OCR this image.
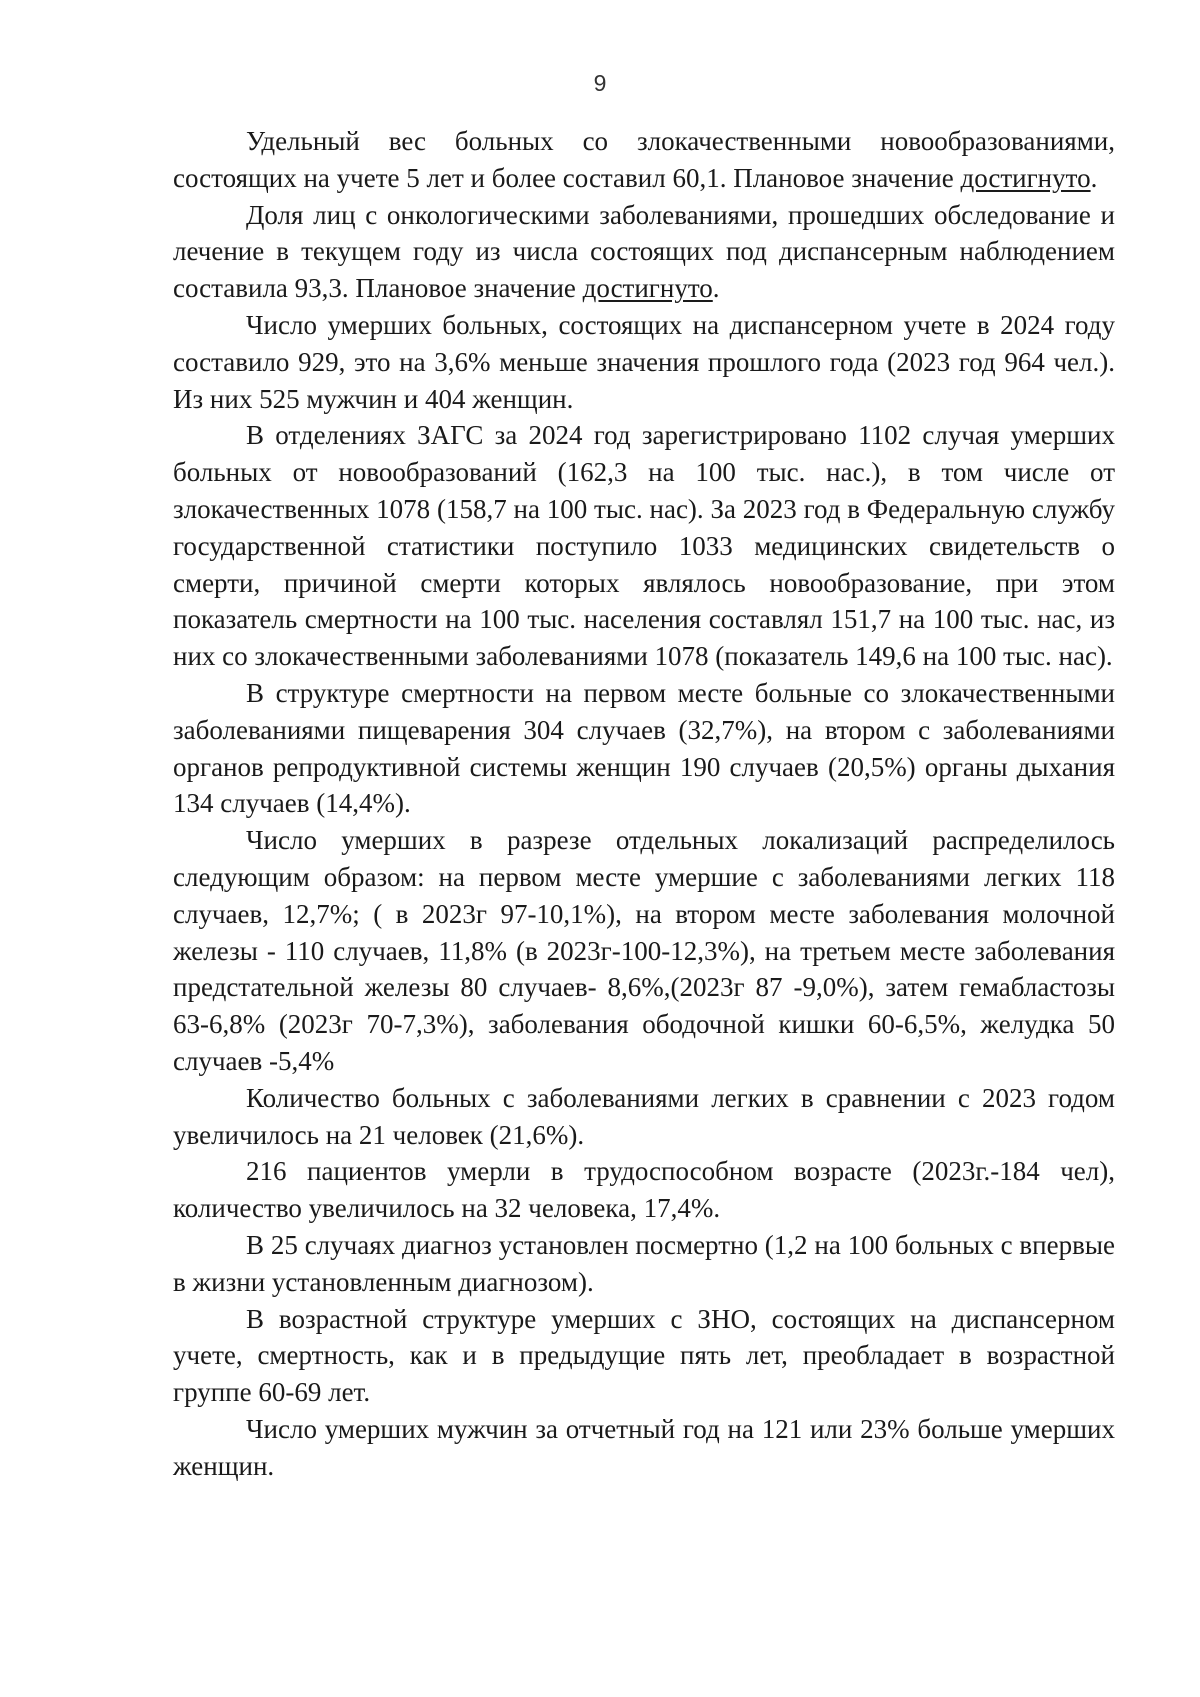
9

Удельный вес больных со злокачественными новообразованиями, состоящих на учете 5 лет и более составил 60,1. Плановое значение достигнуто.

Доля лиц с онкологическими заболеваниями, прошедших обследование и лечение в текущем году из числа состоящих под диспансерным наблюдением составила 93,3. Плановое значение достигнуто.

Число умерших больных, состоящих на диспансерном учете в 2024 году составило 929, это на 3,6% меньше значения прошлого года (2023 год 964 чел.). Из них 525 мужчин и 404 женщин.

В отделениях ЗАГС за 2024 год зарегистрировано 1102 случая умерших больных от новообразований (162,3 на 100 тыс. нас.), в том числе от злокачественных 1078 (158,7 на 100 тыс. нас). За 2023 год в Федеральную службу государственной статистики поступило 1033 медицинских свидетельств о смерти, причиной смерти которых являлось новообразование, при этом показатель смертности на 100 тыс. населения составлял 151,7 на 100 тыс. нас, из них со злокачественными заболеваниями 1078 (показатель 149,6 на 100 тыс. нас).

В структуре смертности на первом месте больные со злокачественными заболеваниями пищеварения 304 случаев (32,7%), на втором с заболеваниями органов репродуктивной системы женщин 190 случаев (20,5%) органы дыхания 134 случаев (14,4%).

Число умерших в разрезе отдельных локализаций распределилось следующим образом: на первом месте умершие с заболеваниями легких 118 случаев, 12,7%; ( в 2023г 97-10,1%), на втором месте заболевания молочной железы - 110 случаев, 11,8% (в 2023г-100-12,3%), на третьем месте заболевания предстательной железы 80 случаев- 8,6%,(2023г 87 -9,0%), затем гемабластозы 63-6,8% (2023г 70-7,3%), заболевания ободочной кишки 60-6,5%, желудка 50 случаев -5,4%

Количество больных с заболеваниями легких в сравнении с 2023 годом увеличилось на 21 человек (21,6%).

216 пациентов умерли в трудоспособном возрасте (2023г.-184 чел), количество увеличилось на 32 человека, 17,4%.

В 25 случаях диагноз установлен посмертно (1,2 на 100 больных с впервые в жизни установленным диагнозом).

В возрастной структуре умерших с ЗНО, состоящих на диспансерном учете, смертность, как и в предыдущие пять лет, преобладает в возрастной группе 60-69 лет.

Число умерших мужчин за отчетный год на 121 или 23% больше умерших женщин.
